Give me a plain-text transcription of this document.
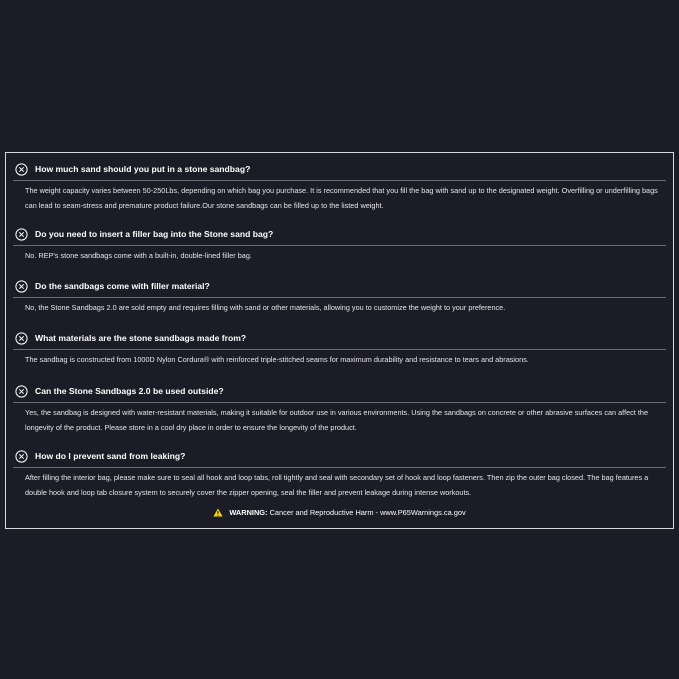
How much sand should you put in a stone sandbag?
The weight capacity varies between 50-250Lbs, depending on which bag you purchase. It is recommended that you fill the bag with sand up to the designated weight. Overfilling or underfilling bags can lead to seam-stress and premature product failure.Our stone sandbags can be filled up to the listed weight.
Do you need to insert a filler bag into the Stone sand bag?
No. REP's stone sandbags come with a built-in, double-lined filler bag.
Do the sandbags come with filler material?
No, the Stone Sandbags 2.0 are sold empty and requires filling with sand or other materials, allowing you to customize the weight to your preference.
What materials are the stone sandbags made from?
The sandbag is constructed from 1000D Nylon Cordura® with reinforced triple-stitched seams for maximum durability and resistance to tears and abrasions.
Can the Stone Sandbags 2.0 be used outside?
Yes, the sandbag is designed with water-resistant materials, making it suitable for outdoor use in various environments. Using the sandbags on concrete or other abrasive surfaces can affect the longevity of the product. Please store in a cool dry place in order to ensure the longevity of the product.
How do I prevent sand from leaking?
After filling the interior bag, please make sure to seal all hook and loop tabs, roll tightly and seal with secondary set of hook and loop fasteners. Then zip the outer bag closed. The bag features a double hook and loop tab closure system to securely cover the zipper opening, seal the filler and prevent leakage during intense workouts.
WARNING: Cancer and Reproductive Harm - www.P65Warnings.ca.gov
